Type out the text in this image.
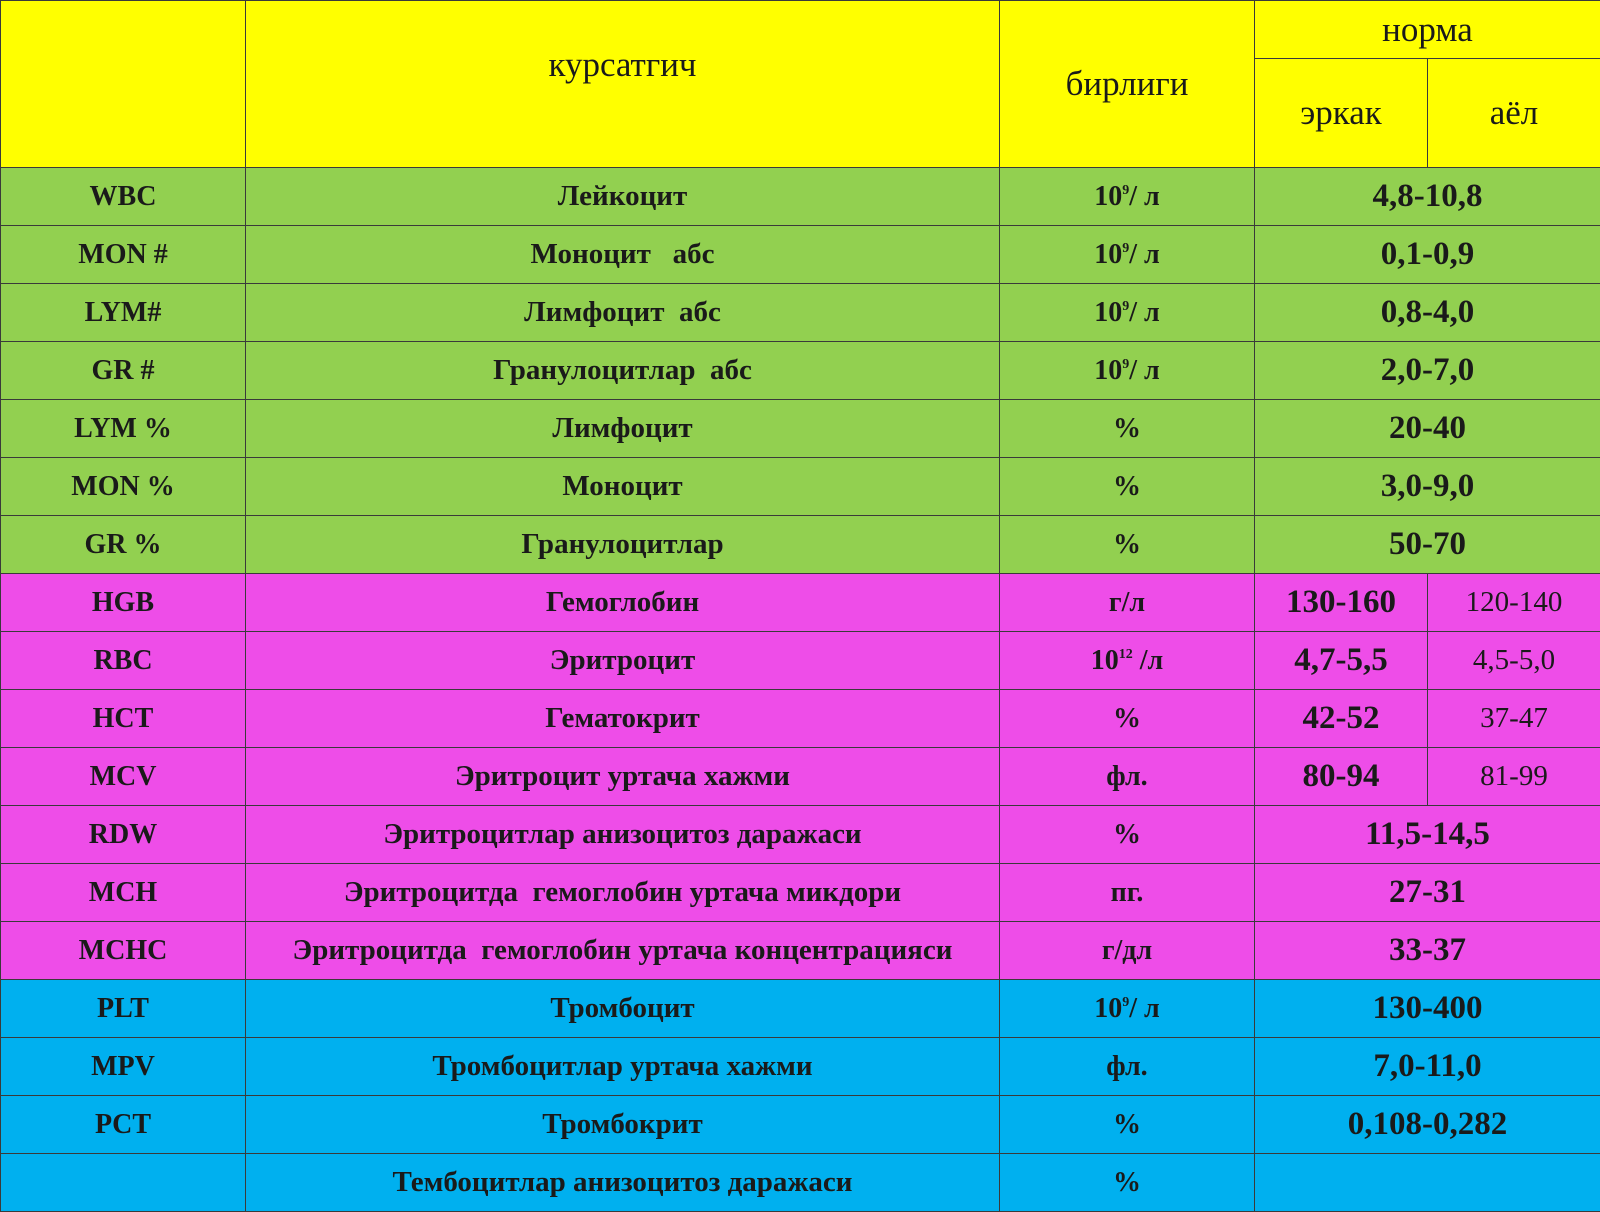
	курсатгич	бирлиги	норма	
			эркак	аёл
WBC	Лейкоцит	$10^9/$ л	4,8-10,8	
MON #	Моноцит   абс	$10^9/$ л	0,1-0,9	
LYM#	Лимфоцит  абс	$10^9/$ л	0,8-4,0	
GR #	Гранулоцитлар  абс	$10^9/$ л	2,0-7,0	
LYM %	Лимфоцит	%	20-40	
MON %	Моноцит	%	3,0-9,0	
GR %	Гранулоцитлар	%	50-70	
HGB	Гемоглобин	г/л	130-160	120-140
RBC	Эритроцит	$10^{12}$ /л	4,7-5,5	4,5-5,0
HCT	Гематокрит	%	42-52	37-47
MCV	Эритроцит уртача хажми	фл.	80-94	81-99
RDW	Эритроцитлар анизоцитоз даражаси	%	11,5-14,5	
MCH	Эритроцитда  гемоглобин уртача микдори	пг.	27-31	
MCHC	Эритроцитда  гемоглобин уртача концентрацияси	г/дл	33-37	
PLT	Тромбоцит	$10^9/$ л	130-400	
MPV	Тромбоцитлар уртача хажми	фл.	7,0-11,0	
PCT	Тромбокрит	%	0,108-0,282	
	Тембоцитлар анизоцитоз даражаси	%		
